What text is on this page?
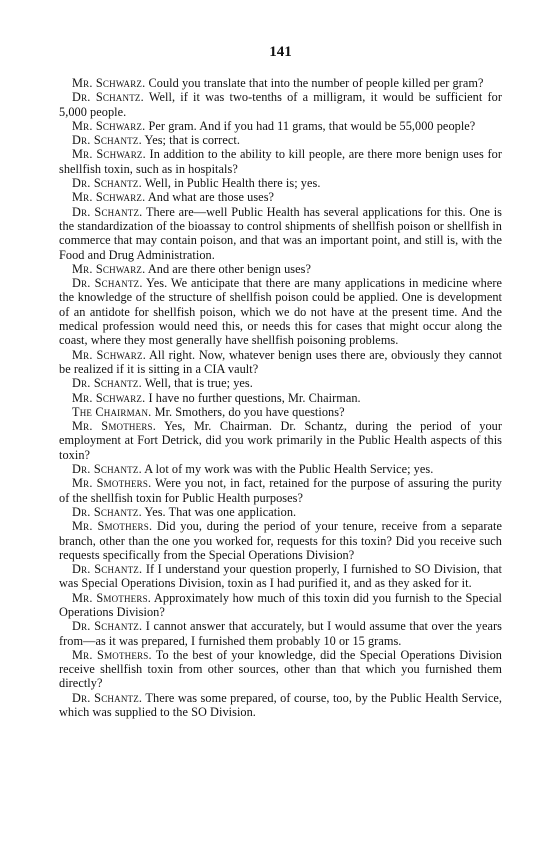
141

Mr. Schwarz. Could you translate that into the number of people killed per gram?

Dr. Schantz. Well, if it was two-tenths of a milligram, it would be sufficient for 5,000 people.

Mr. Schwarz. Per gram. And if you had 11 grams, that would be 55,000 people?

Dr. Schantz. Yes; that is correct.

Mr. Schwarz. In addition to the ability to kill people, are there more benign uses for shellfish toxin, such as in hospitals?

Dr. Schantz. Well, in Public Health there is; yes.

Mr. Schwarz. And what are those uses?

Dr. Schantz. There are—well Public Health has several applications for this. One is the standardization of the bioassay to control shipments of shellfish poison or shellfish in commerce that may contain poison, and that was an important point, and still is, with the Food and Drug Administration.

Mr. Schwarz. And are there other benign uses?

Dr. Schantz. Yes. We anticipate that there are many applications in medicine where the knowledge of the structure of shellfish poison could be applied. One is development of an antidote for shellfish poison, which we do not have at the present time. And the medical profession would need this, or needs this for cases that might occur along the coast, where they most generally have shellfish poisoning problems.

Mr. Schwarz. All right. Now, whatever benign uses there are, obviously they cannot be realized if it is sitting in a CIA vault?

Dr. Schantz. Well, that is true; yes.

Mr. Schwarz. I have no further questions, Mr. Chairman.

The Chairman. Mr. Smothers, do you have questions?

Mr. Smothers. Yes, Mr. Chairman. Dr. Schantz, during the period of your employment at Fort Detrick, did you work primarily in the Public Health aspects of this toxin?

Dr. Schantz. A lot of my work was with the Public Health Service; yes.

Mr. Smothers. Were you not, in fact, retained for the purpose of assuring the purity of the shellfish toxin for Public Health purposes?

Dr. Schantz. Yes. That was one application.

Mr. Smothers. Did you, during the period of your tenure, receive from a separate branch, other than the one you worked for, requests for this toxin? Did you receive such requests specifically from the Special Operations Division?

Dr. Schantz. If I understand your question properly, I furnished to SO Division, that was Special Operations Division, toxin as I had purified it, and as they asked for it.

Mr. Smothers. Approximately how much of this toxin did you furnish to the Special Operations Division?

Dr. Schantz. I cannot answer that accurately, but I would assume that over the years from—as it was prepared, I furnished them probably 10 or 15 grams.

Mr. Smothers. To the best of your knowledge, did the Special Operations Division receive shellfish toxin from other sources, other than that which you furnished them directly?

Dr. Schantz. There was some prepared, of course, too, by the Public Health Service, which was supplied to the SO Division.
